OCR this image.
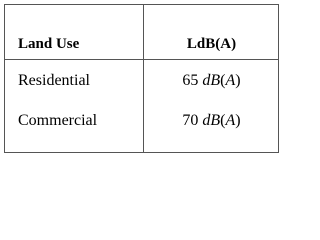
Land Use	LdB(A)
Residential	65 dB(A)
Commercial	70 dB(A)
